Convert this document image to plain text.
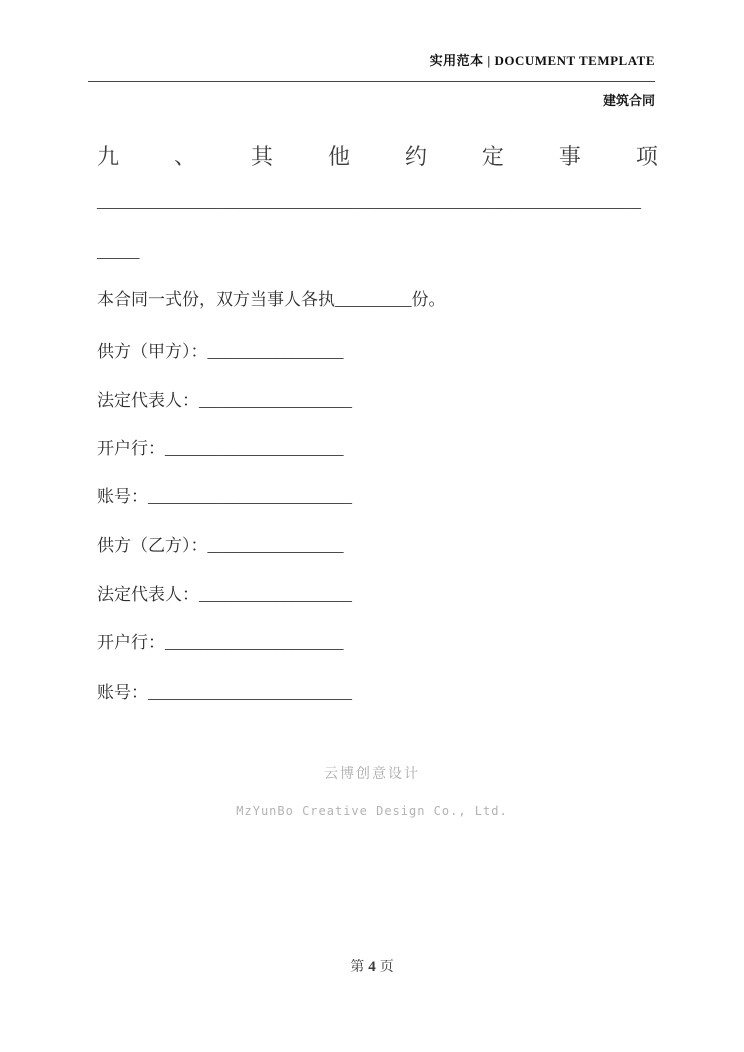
实用范本 | DOCUMENT TEMPLATE
建筑合同
九 、 其 他 约 定 事 项
________________________________________________________________
_____
本合同一式份，双方当事人各执_________份。
供方（甲方）：________________
法定代表人：__________________
开户行：_____________________
账号：________________________
供方（乙方）：________________
法定代表人：__________________
开户行：_____________________
账号：________________________
云博创意设计
MzYunBo Creative Design Co., Ltd.
第 4 页
